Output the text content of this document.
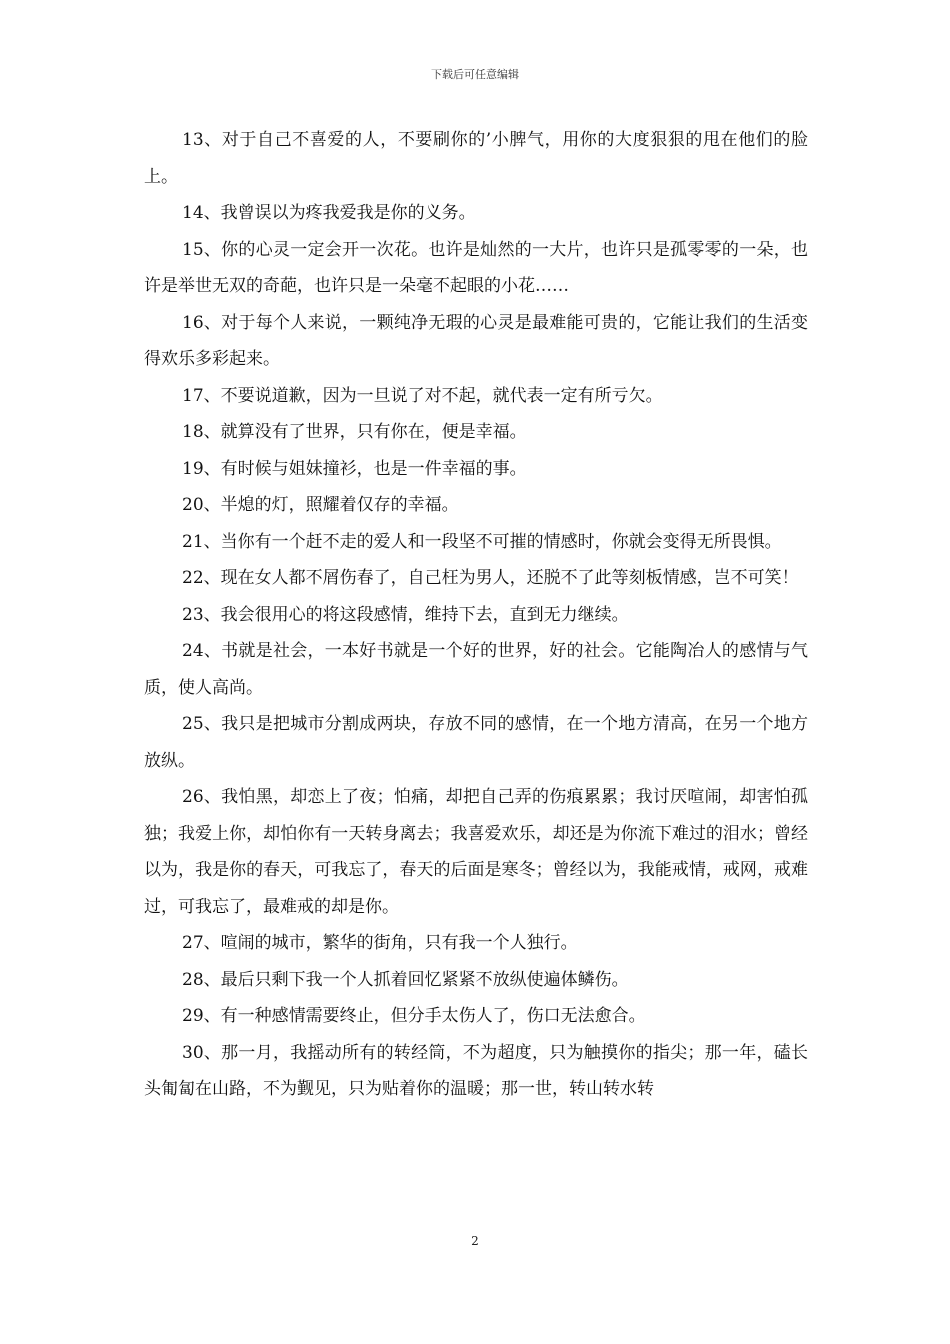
下载后可任意编辑

13、对于自己不喜爱的人，不要刷你的’小脾气，用你的大度狠狠的甩在他们的脸上。

14、我曾误以为疼我爱我是你的义务。

15、你的心灵一定会开一次花。也许是灿然的一大片，也许只是孤零零的一朵，也许是举世无双的奇葩，也许只是一朵毫不起眼的小花……

16、对于每个人来说，一颗纯净无瑕的心灵是最难能可贵的，它能让我们的生活变得欢乐多彩起来。

17、不要说道歉，因为一旦说了对不起，就代表一定有所亏欠。

18、就算没有了世界，只有你在，便是幸福。

19、有时候与姐妹撞衫，也是一件幸福的事。

20、半熄的灯，照耀着仅存的幸福。

21、当你有一个赶不走的爱人和一段坚不可摧的情感时，你就会变得无所畏惧。

22、现在女人都不屑伤春了，自己枉为男人，还脱不了此等刻板情感，岂不可笑！

23、我会很用心的将这段感情，维持下去，直到无力继续。

24、书就是社会，一本好书就是一个好的世界，好的社会。它能陶冶人的感情与气质，使人高尚。

25、我只是把城市分割成两块，存放不同的感情，在一个地方清高，在另一个地方放纵。

26、我怕黑，却恋上了夜；怕痛，却把自己弄的伤痕累累；我讨厌喧闹，却害怕孤独；我爱上你，却怕你有一天转身离去；我喜爱欢乐，却还是为你流下难过的泪水；曾经以为，我是你的春天，可我忘了，春天的后面是寒冬；曾经以为，我能戒情，戒网，戒难过，可我忘了，最难戒的却是你。

27、喧闹的城市，繁华的街角，只有我一个人独行。

28、最后只剩下我一个人抓着回忆紧紧不放纵使遍体鳞伤。

29、有一种感情需要终止，但分手太伤人了，伤口无法愈合。

30、那一月，我摇动所有的转经筒，不为超度，只为触摸你的指尖；那一年，磕长头匍匐在山路，不为觐见，只为贴着你的温暖；那一世，转山转水转

2
